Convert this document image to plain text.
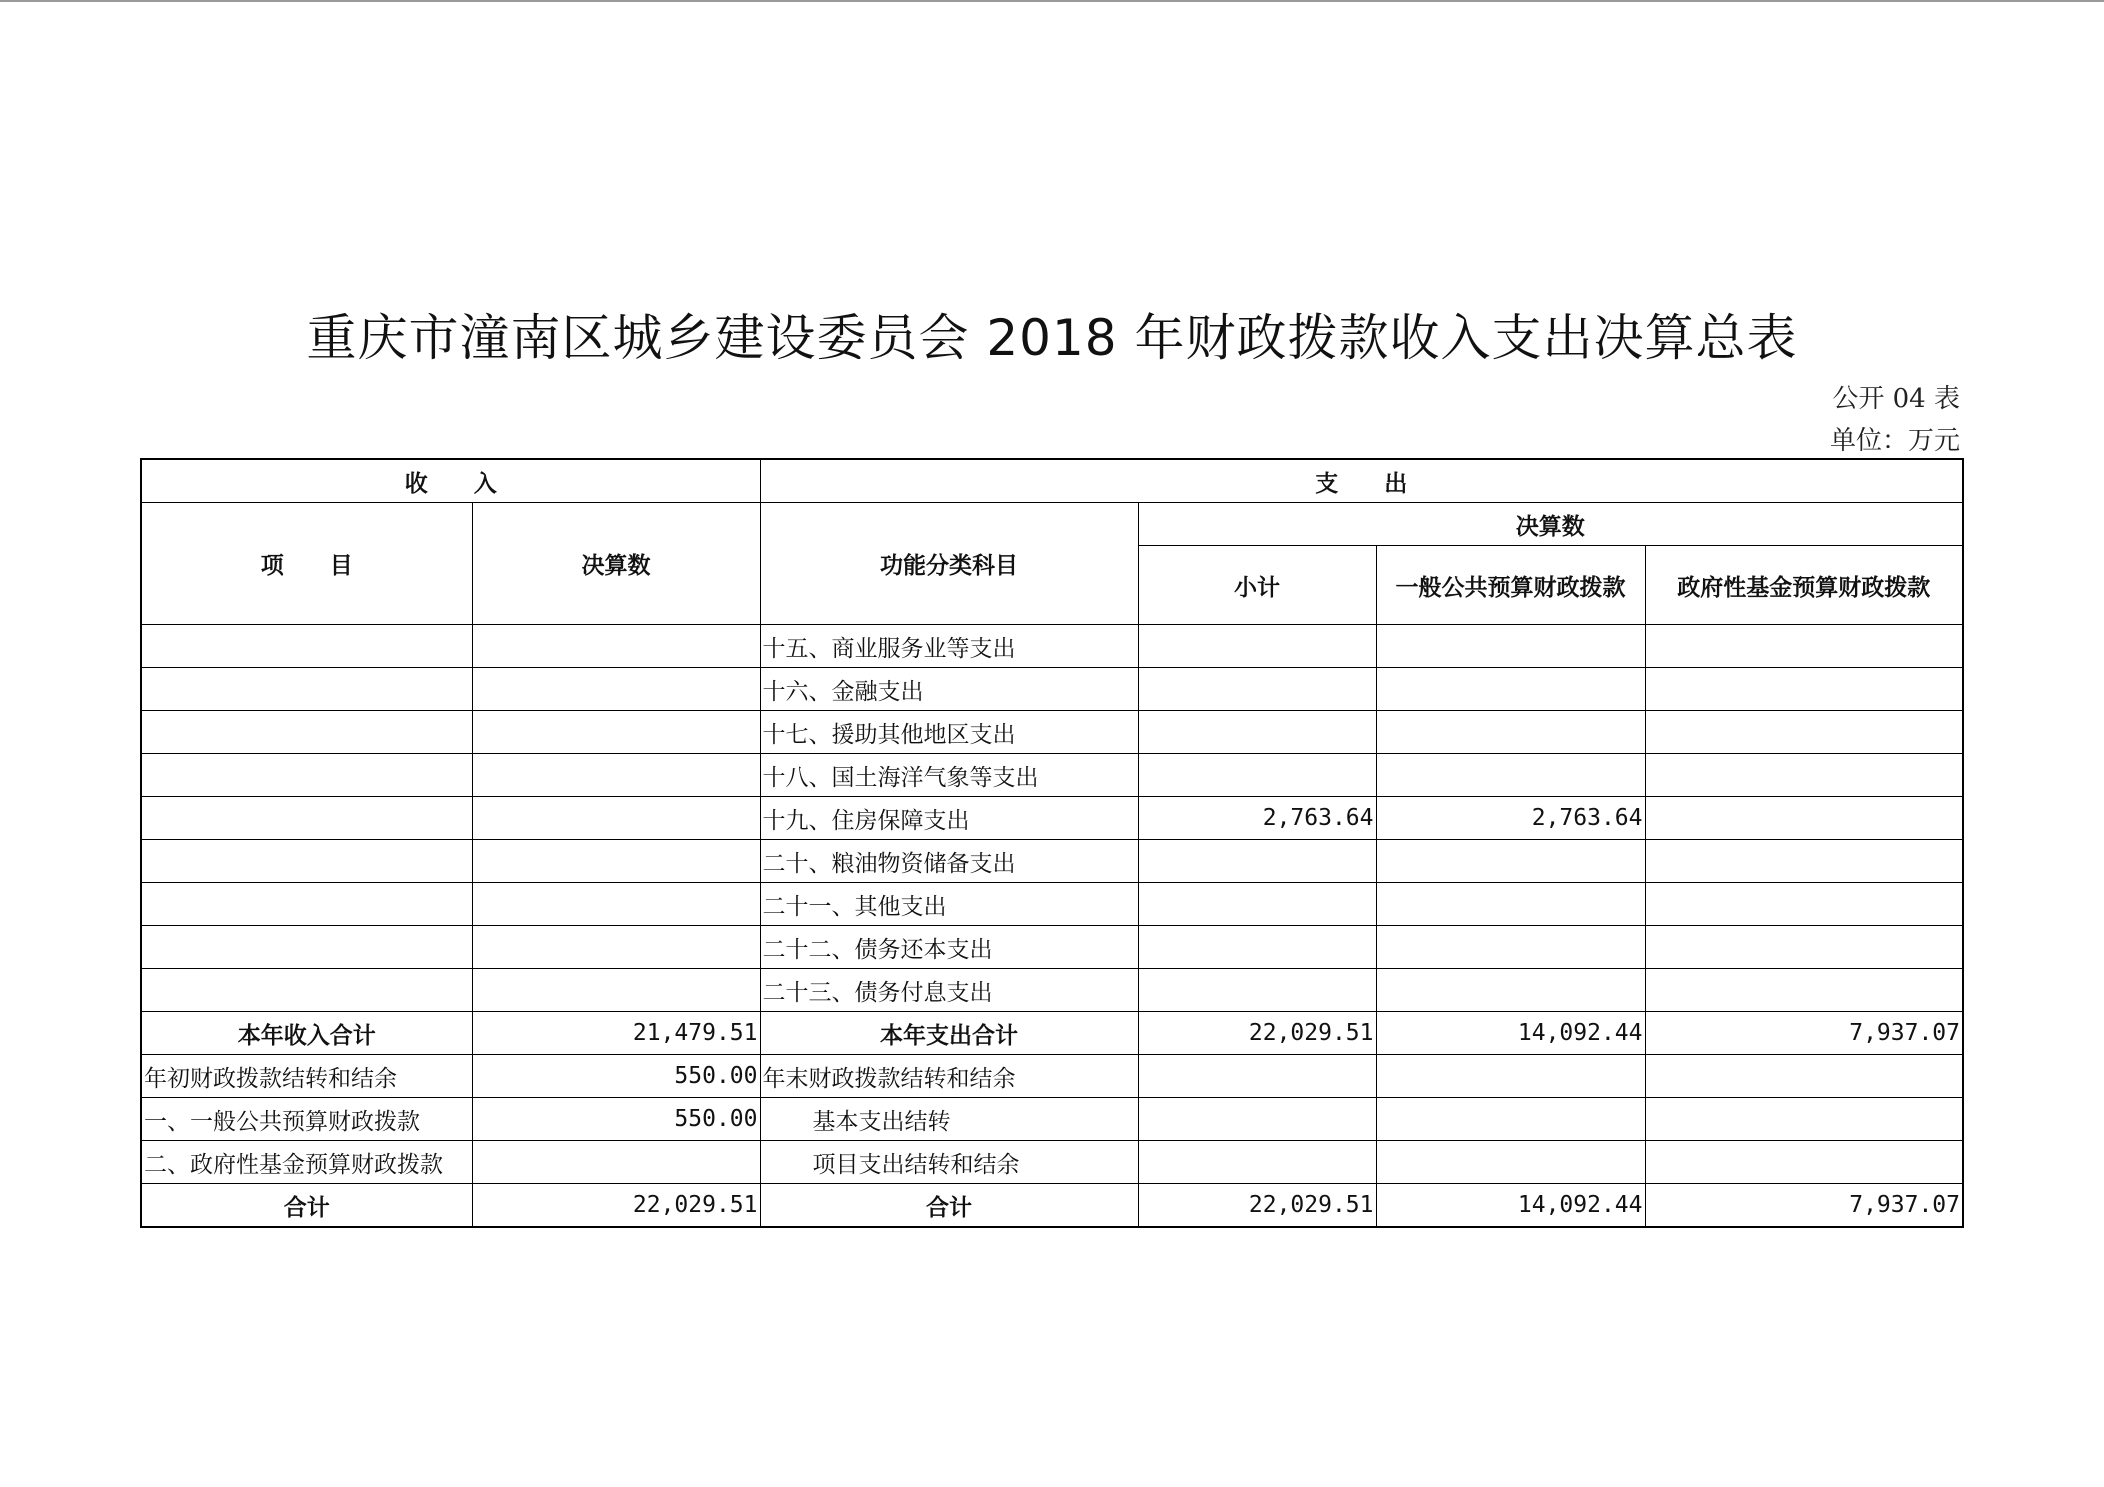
重庆市潼南区城乡建设委员会 2018 年财政拨款收入支出决算总表
公开 04 表
单位：万元
收　　入		支　　出			
项　　目	决算数	功能分类科目	决算数		
			小计	一般公共预算财政拨款	政府性基金预算财政拨款
		十五、商业服务业等支出			
		十六、金融支出			
		十七、援助其他地区支出			
		十八、国土海洋气象等支出			
		十九、住房保障支出	2,763.64	2,763.64	
		二十、粮油物资储备支出			
		二十一、其他支出			
		二十二、债务还本支出			
		二十三、债务付息支出			
本年收入合计	21,479.51	本年支出合计	22,029.51	14,092.44	7,937.07
年初财政拨款结转和结余	550.00	年末财政拨款结转和结余			
一、一般公共预算财政拨款	550.00	基本支出结转			
二、政府性基金预算财政拨款		项目支出结转和结余			
合计	22,029.51	合计	22,029.51	14,092.44	7,937.07
